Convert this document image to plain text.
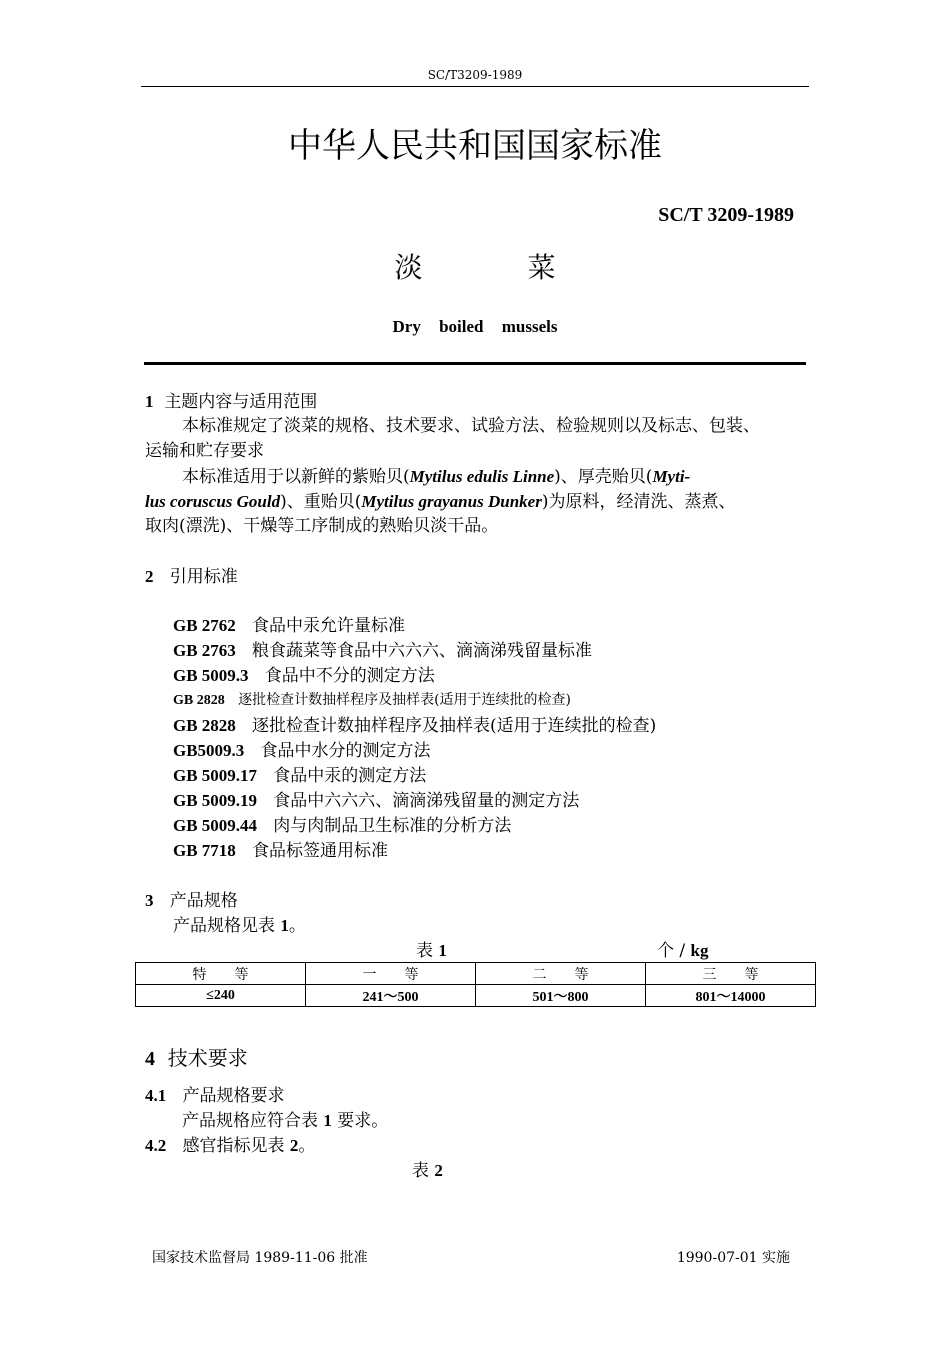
SC/T3209-1989
中华人民共和国国家标准
SC/T 3209-1989
淡	菜
Dry boiled mussels
1 主题内容与适用范围
本标准规定了淡菜的规格、技术要求、试验方法、检验规则以及标志、包装、
运输和贮存要求
本标准适用于以新鲜的紫贻贝(Mytilus edulis Linne)、厚壳贻贝(Myti-
lus coruscus Gould)、重贻贝(Mytilus grayanus Dunker)为原料，经清洗、蒸煮、
取肉(漂洗)、干燥等工序制成的熟贻贝淡干品。
2 引用标准
GB 2762 食品中汞允许量标准
GB 2763 粮食蔬菜等食品中六六六、滴滴涕残留量标准
GB 5009.3 食品中不分的测定方法
GB 2828 逐批检查计数抽样程序及抽样表(适用于连续批的检查)
GB 2828 逐批检查计数抽样程序及抽样表(适用于连续批的检查)
GB5009.3 食品中水分的测定方法
GB 5009.17 食品中汞的测定方法
GB 5009.19 食品中六六六、滴滴涕残留量的测定方法
GB 5009.44 肉与肉制品卫生标准的分析方法
GB 7718 食品标签通用标准
3 产品规格
产品规格见表 1。
表 1	个 / kg
特　　等	一　　等	二　　等	三　　等
≤240	241～500	501～800	801～14000
4 技术要求
4.1 产品规格要求
产品规格应符合表 1 要求。
4.2 感官指标见表 2。
表 2
国家技术监督局 1989-11-06 批准	1990-07-01 实施
